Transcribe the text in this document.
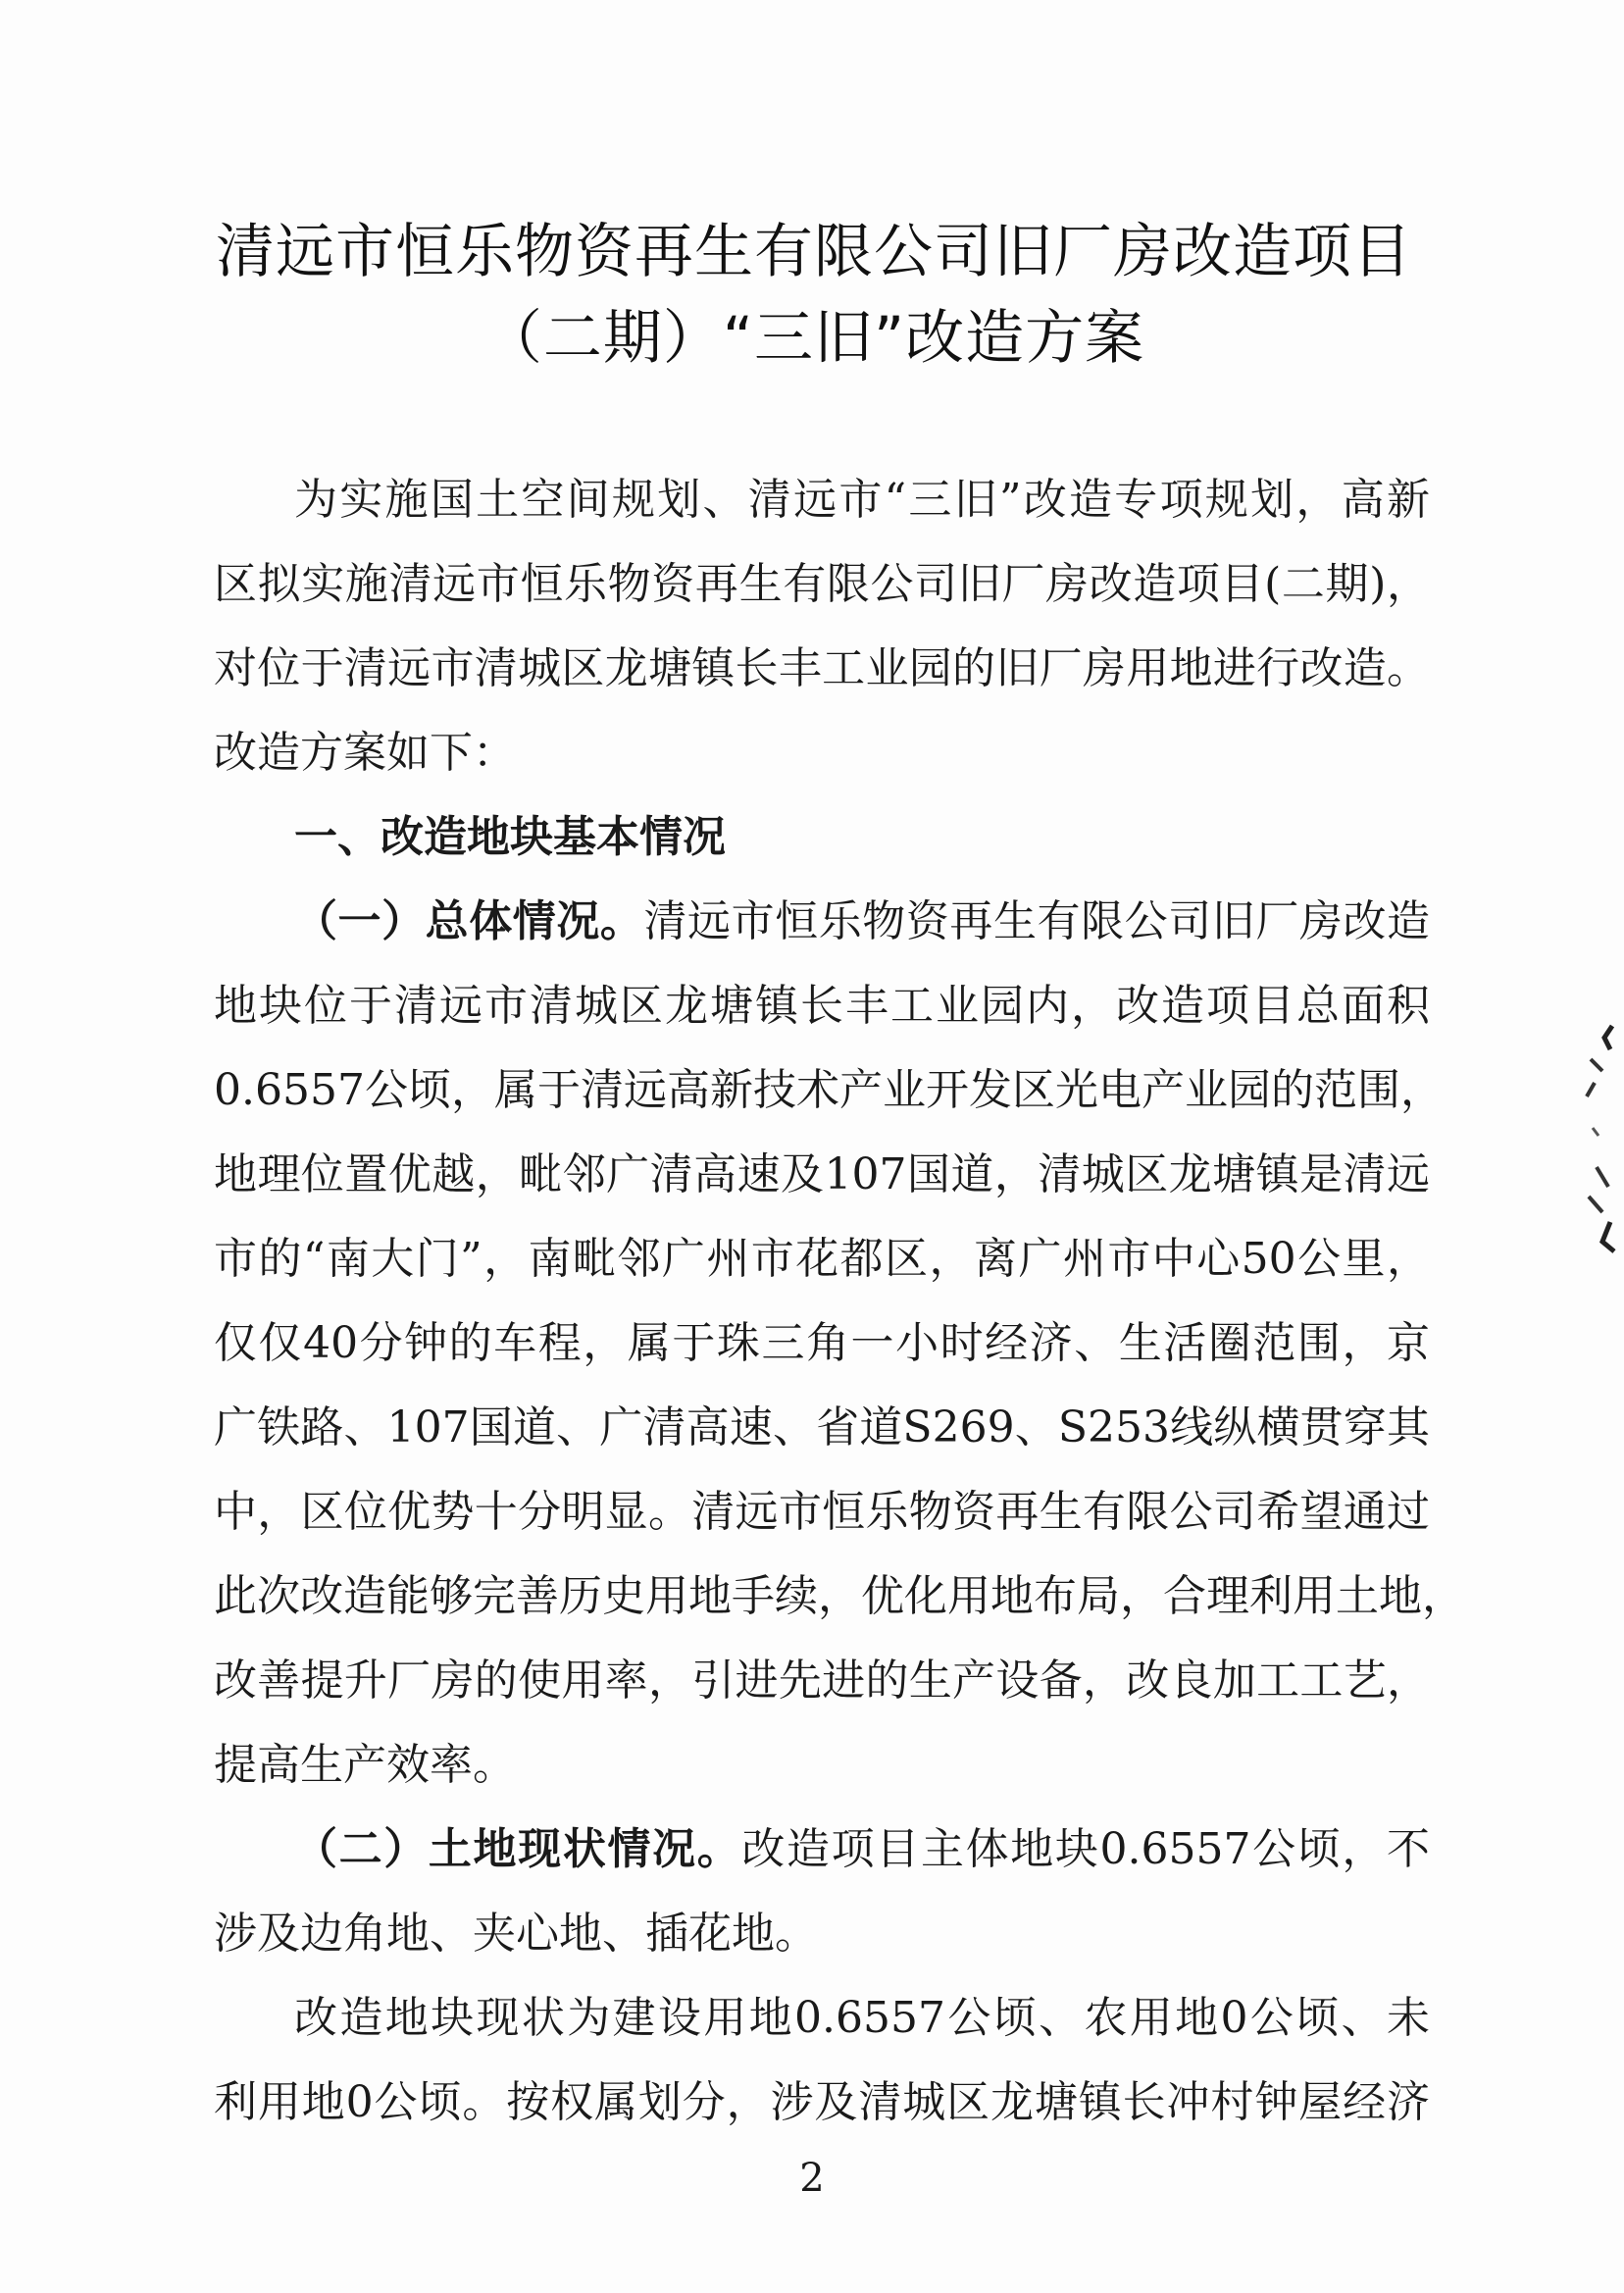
清远市恒乐物资再生有限公司旧厂房改造项目
（二期）“三旧”改造方案
为实施国土空间规划、清远市“三旧”改造专项规划，高新
区拟实施清远市恒乐物资再生有限公司旧厂房改造项目(二期)，
对位于清远市清城区龙塘镇长丰工业园的旧厂房用地进行改造。
改造方案如下：
一、改造地块基本情况
（一）总体情况。清远市恒乐物资再生有限公司旧厂房改造
地块位于清远市清城区龙塘镇长丰工业园内，改造项目总面积
0.6557公顷，属于清远高新技术产业开发区光电产业园的范围，
地理位置优越，毗邻广清高速及107国道，清城区龙塘镇是清远
市的“南大门”，南毗邻广州市花都区，离广州市中心50公里，
仅仅40分钟的车程，属于珠三角一小时经济、生活圈范围，京
广铁路、107国道、广清高速、省道S269、S253线纵横贯穿其
中，区位优势十分明显。清远市恒乐物资再生有限公司希望通过
此次改造能够完善历史用地手续，优化用地布局，合理利用土地，
改善提升厂房的使用率，引进先进的生产设备，改良加工工艺，
提高生产效率。
（二）土地现状情况。改造项目主体地块0.6557公顷，不
涉及边角地、夹心地、插花地。
改造地块现状为建设用地0.6557公顷、农用地0公顷、未
利用地0公顷。按权属划分，涉及清城区龙塘镇长冲村钟屋经济
2
